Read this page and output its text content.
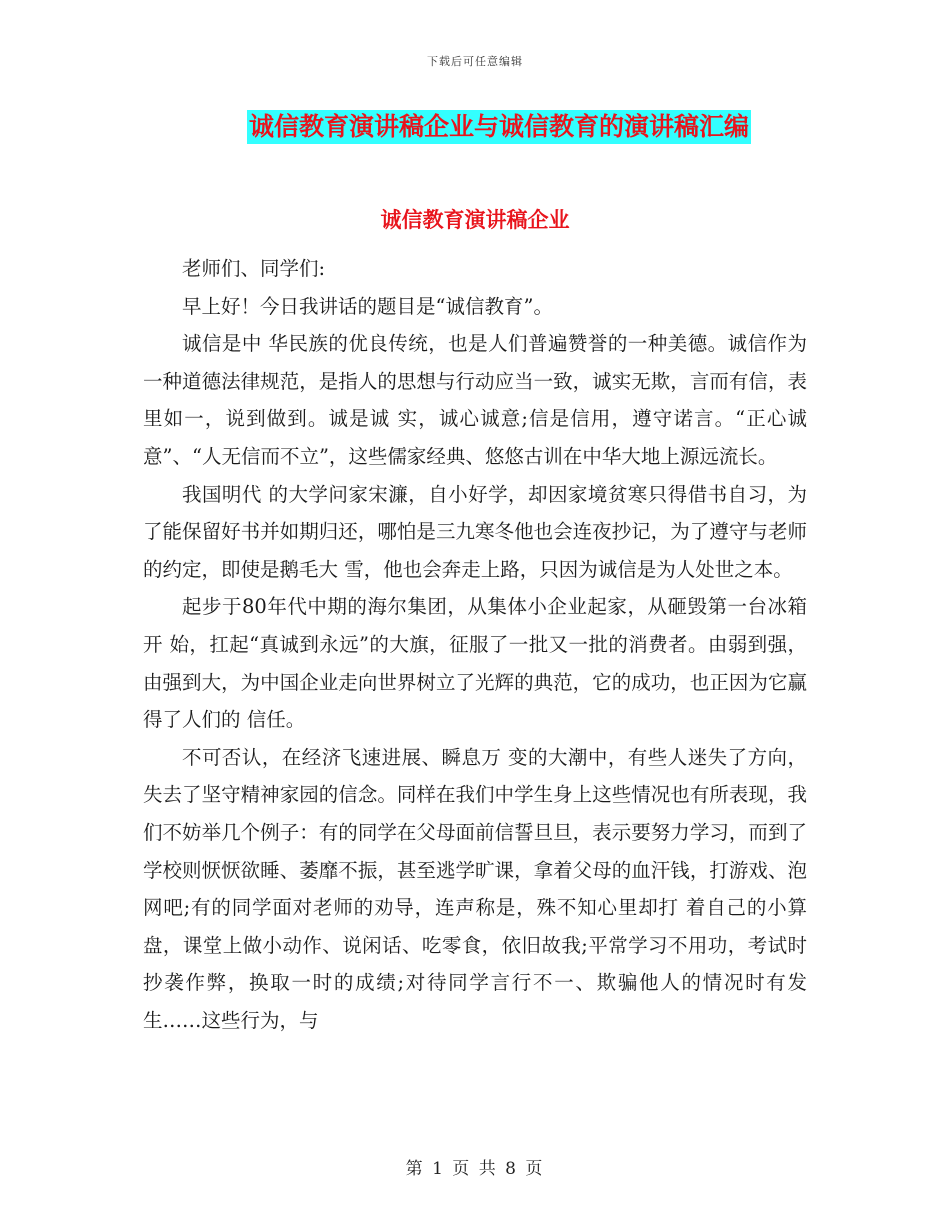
下载后可任意编辑
诚信教育演讲稿企业与诚信教育的演讲稿汇编
诚信教育演讲稿企业

老师们、同学们:

早上好！今日我讲话的题目是“诚信教育”。

诚信是中 华民族的优良传统，也是人们普遍赞誉的一种美德。诚信作为一种道德法律规范，是指人的思想与行动应当一致，诚实无欺，言而有信，表里如一，说到做到。诚是诚 实，诚心诚意;信是信用，遵守诺言。“正心诚意”、“人无信而不立”，这些儒家经典、悠悠古训在中华大地上源远流长。

我国明代 的大学问家宋濂，自小好学，却因家境贫寒只得借书自习，为了能保留好书并如期归还，哪怕是三九寒冬他也会连夜抄记，为了遵守与老师的约定，即使是鹅毛大 雪，他也会奔走上路，只因为诚信是为人处世之本。

起步于80年代中期的海尔集团，从集体小企业起家，从砸毁第一台冰箱开 始，扛起“真诚到永远”的大旗，征服了一批又一批的消费者。由弱到强，由强到大，为中国企业走向世界树立了光辉的典范，它的成功，也正因为它赢得了人们的 信任。

不可否认，在经济飞速进展、瞬息万 变的大潮中，有些人迷失了方向，失去了坚守精神家园的信念。同样在我们中学生身上这些情况也有所表现，我们不妨举几个例子：有的同学在父母面前信誓旦旦，表示要努力学习，而到了学校则恹恹欲睡、萎靡不振，甚至逃学旷课，拿着父母的血汗钱，打游戏、泡网吧;有的同学面对老师的劝导，连声称是，殊不知心里却打 着自己的小算盘，课堂上做小动作、说闲话、吃零食，依旧故我;平常学习不用功，考试时抄袭作弊，换取一时的成绩;对待同学言行不一、欺骗他人的情况时有发 生……这些行为，与

第 1 页 共 8 页
